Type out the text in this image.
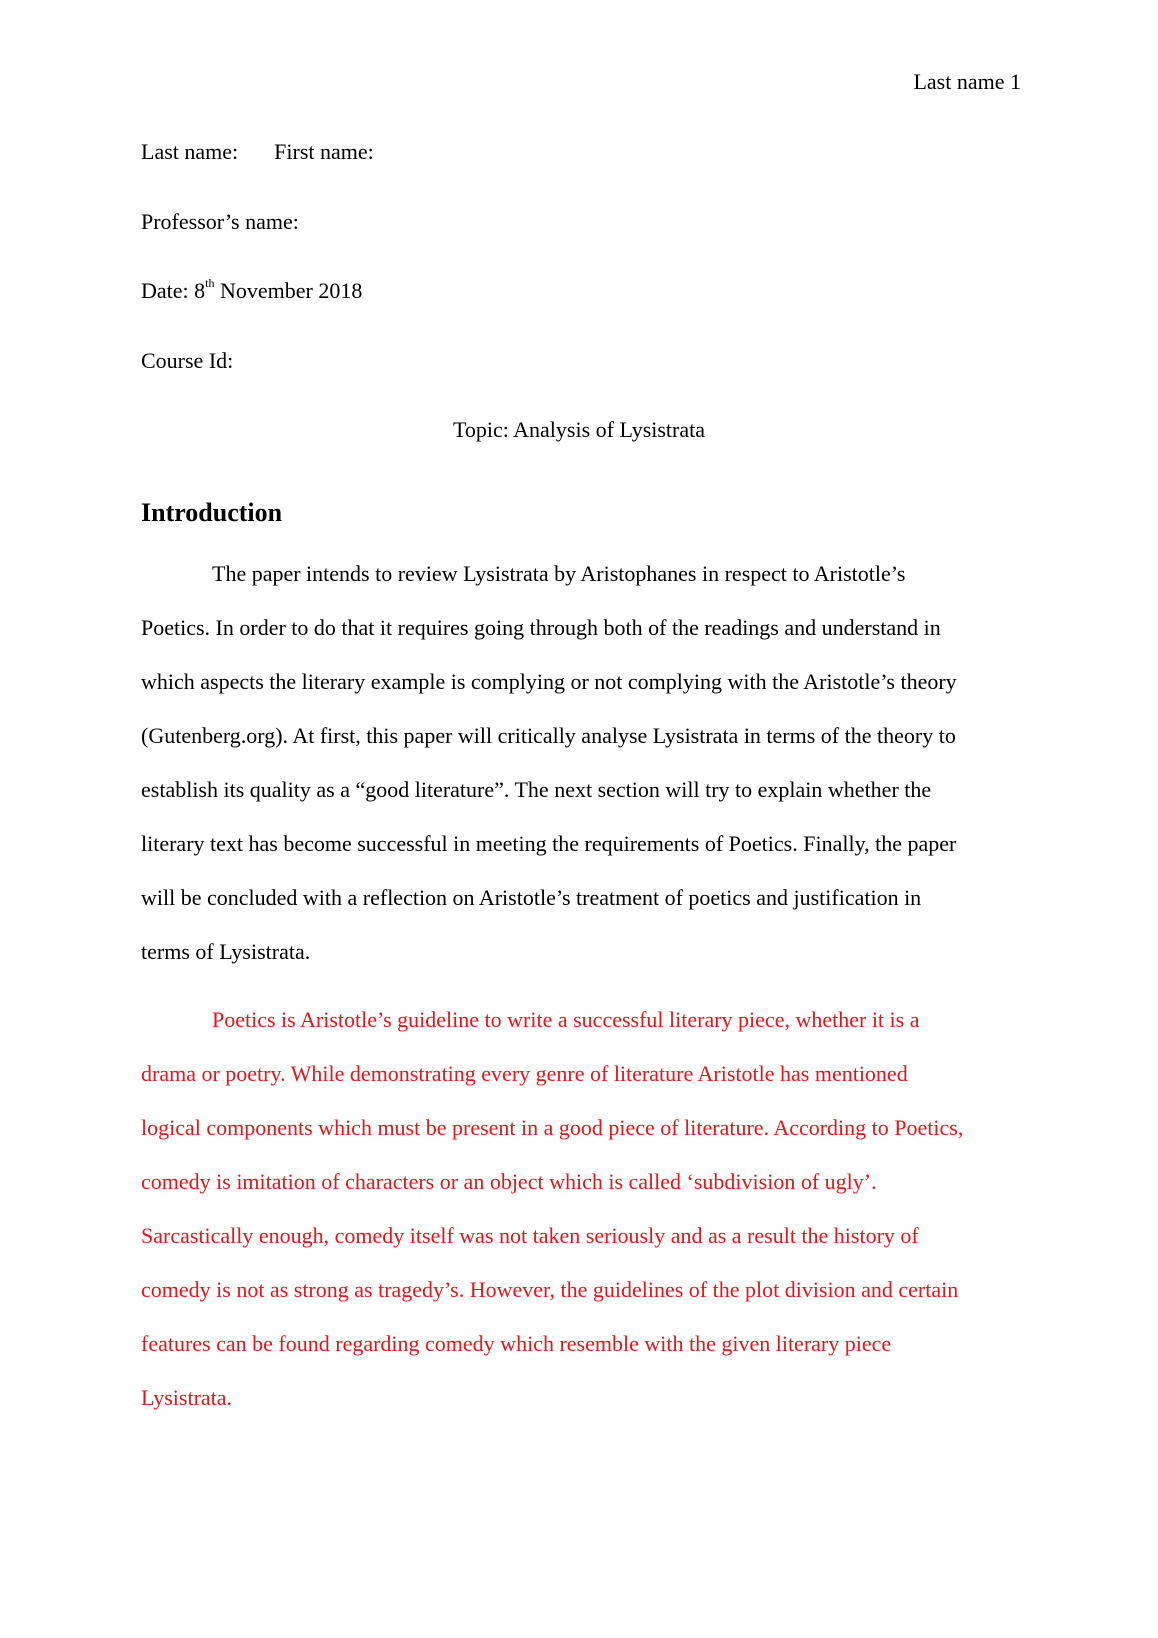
Last name 1
Last name: First name:
Professor’s name:
Date: 8th November 2018
Course Id:
Topic: Analysis of Lysistrata
Introduction
The paper intends to review Lysistrata by Aristophanes in respect to Aristotle’s
Poetics. In order to do that it requires going through both of the readings and understand in
which aspects the literary example is complying or not complying with the Aristotle’s theory
(Gutenberg.org). At first, this paper will critically analyse Lysistrata in terms of the theory to
establish its quality as a “good literature”. The next section will try to explain whether the
literary text has become successful in meeting the requirements of Poetics. Finally, the paper
will be concluded with a reflection on Aristotle’s treatment of poetics and justification in
terms of Lysistrata.
Poetics is Aristotle’s guideline to write a successful literary piece, whether it is a
drama or poetry. While demonstrating every genre of literature Aristotle has mentioned
logical components which must be present in a good piece of literature. According to Poetics,
comedy is imitation of characters or an object which is called ‘subdivision of ugly’.
Sarcastically enough, comedy itself was not taken seriously and as a result the history of
comedy is not as strong as tragedy’s. However, the guidelines of the plot division and certain
features can be found regarding comedy which resemble with the given literary piece
Lysistrata.
